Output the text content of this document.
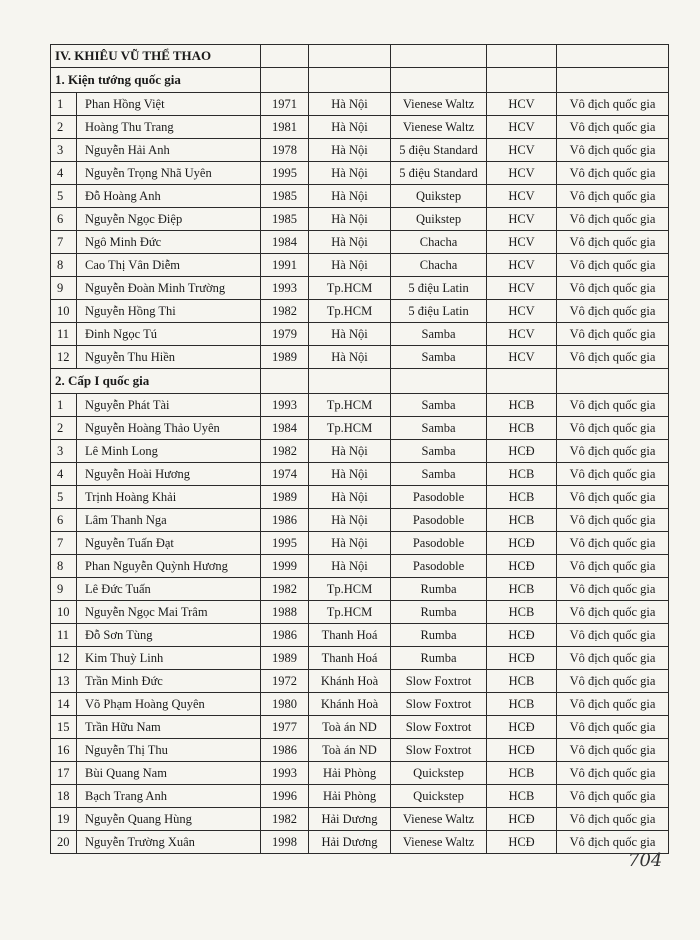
IV. KHIÊU VŨ THỂ THAO						
1. Kiện tướng quốc gia						
1	Phan Hồng Việt	1971	Hà Nội	Vienese Waltz	HCV	Vô địch quốc gia
2	Hoàng Thu Trang	1981	Hà Nội	Vienese Waltz	HCV	Vô địch quốc gia
3	Nguyễn Hải Anh	1978	Hà Nội	5 điệu Standard	HCV	Vô địch quốc gia
4	Nguyễn Trọng Nhã Uyên	1995	Hà Nội	5 điệu Standard	HCV	Vô địch quốc gia
5	Đỗ Hoàng Anh	1985	Hà Nội	Quikstep	HCV	Vô địch quốc gia
6	Nguyễn Ngọc Điệp	1985	Hà Nội	Quikstep	HCV	Vô địch quốc gia
7	Ngô Minh Đức	1984	Hà Nội	Chacha	HCV	Vô địch quốc gia
8	Cao Thị Vân Diễm	1991	Hà Nội	Chacha	HCV	Vô địch quốc gia
9	Nguyễn Đoàn Minh Trường	1993	Tp.HCM	5 điệu Latin	HCV	Vô địch quốc gia
10	Nguyễn Hồng Thi	1982	Tp.HCM	5 điệu Latin	HCV	Vô địch quốc gia
11	Đinh Ngọc Tú	1979	Hà Nội	Samba	HCV	Vô địch quốc gia
12	Nguyễn Thu Hiền	1989	Hà Nội	Samba	HCV	Vô địch quốc gia
2. Cấp I quốc gia						
1	Nguyễn Phát Tài	1993	Tp.HCM	Samba	HCB	Vô địch quốc gia
2	Nguyễn Hoàng Thảo Uyên	1984	Tp.HCM	Samba	HCB	Vô địch quốc gia
3	Lê Minh Long	1982	Hà Nội	Samba	HCĐ	Vô địch quốc gia
4	Nguyễn Hoài Hương	1974	Hà Nội	Samba	HCB	Vô địch quốc gia
5	Trịnh Hoàng Khải	1989	Hà Nội	Pasodoble	HCB	Vô địch quốc gia
6	Lâm Thanh Nga	1986	Hà Nội	Pasodoble	HCB	Vô địch quốc gia
7	Nguyễn Tuấn Đạt	1995	Hà Nội	Pasodoble	HCĐ	Vô địch quốc gia
8	Phan Nguyễn Quỳnh Hương	1999	Hà Nội	Pasodoble	HCĐ	Vô địch quốc gia
9	Lê Đức Tuấn	1982	Tp.HCM	Rumba	HCB	Vô địch quốc gia
10	Nguyễn Ngọc Mai Trâm	1988	Tp.HCM	Rumba	HCB	Vô địch quốc gia
11	Đỗ Sơn Tùng	1986	Thanh Hoá	Rumba	HCĐ	Vô địch quốc gia
12	Kim Thuỳ Linh	1989	Thanh Hoá	Rumba	HCĐ	Vô địch quốc gia
13	Trần Minh Đức	1972	Khánh Hoà	Slow Foxtrot	HCB	Vô địch quốc gia
14	Võ Phạm Hoàng Quyên	1980	Khánh Hoà	Slow Foxtrot	HCB	Vô địch quốc gia
15	Trần Hữu Nam	1977	Toà án ND	Slow Foxtrot	HCĐ	Vô địch quốc gia
16	Nguyễn Thị Thu	1986	Toà án ND	Slow Foxtrot	HCĐ	Vô địch quốc gia
17	Bùi Quang Nam	1993	Hải Phòng	Quickstep	HCB	Vô địch quốc gia
18	Bạch Trang Anh	1996	Hải Phòng	Quickstep	HCB	Vô địch quốc gia
19	Nguyễn Quang Hùng	1982	Hải Dương	Vienese Waltz	HCĐ	Vô địch quốc gia
20	Nguyễn Trường Xuân	1998	Hải Dương	Vienese Waltz	HCĐ	Vô địch quốc gia
704
